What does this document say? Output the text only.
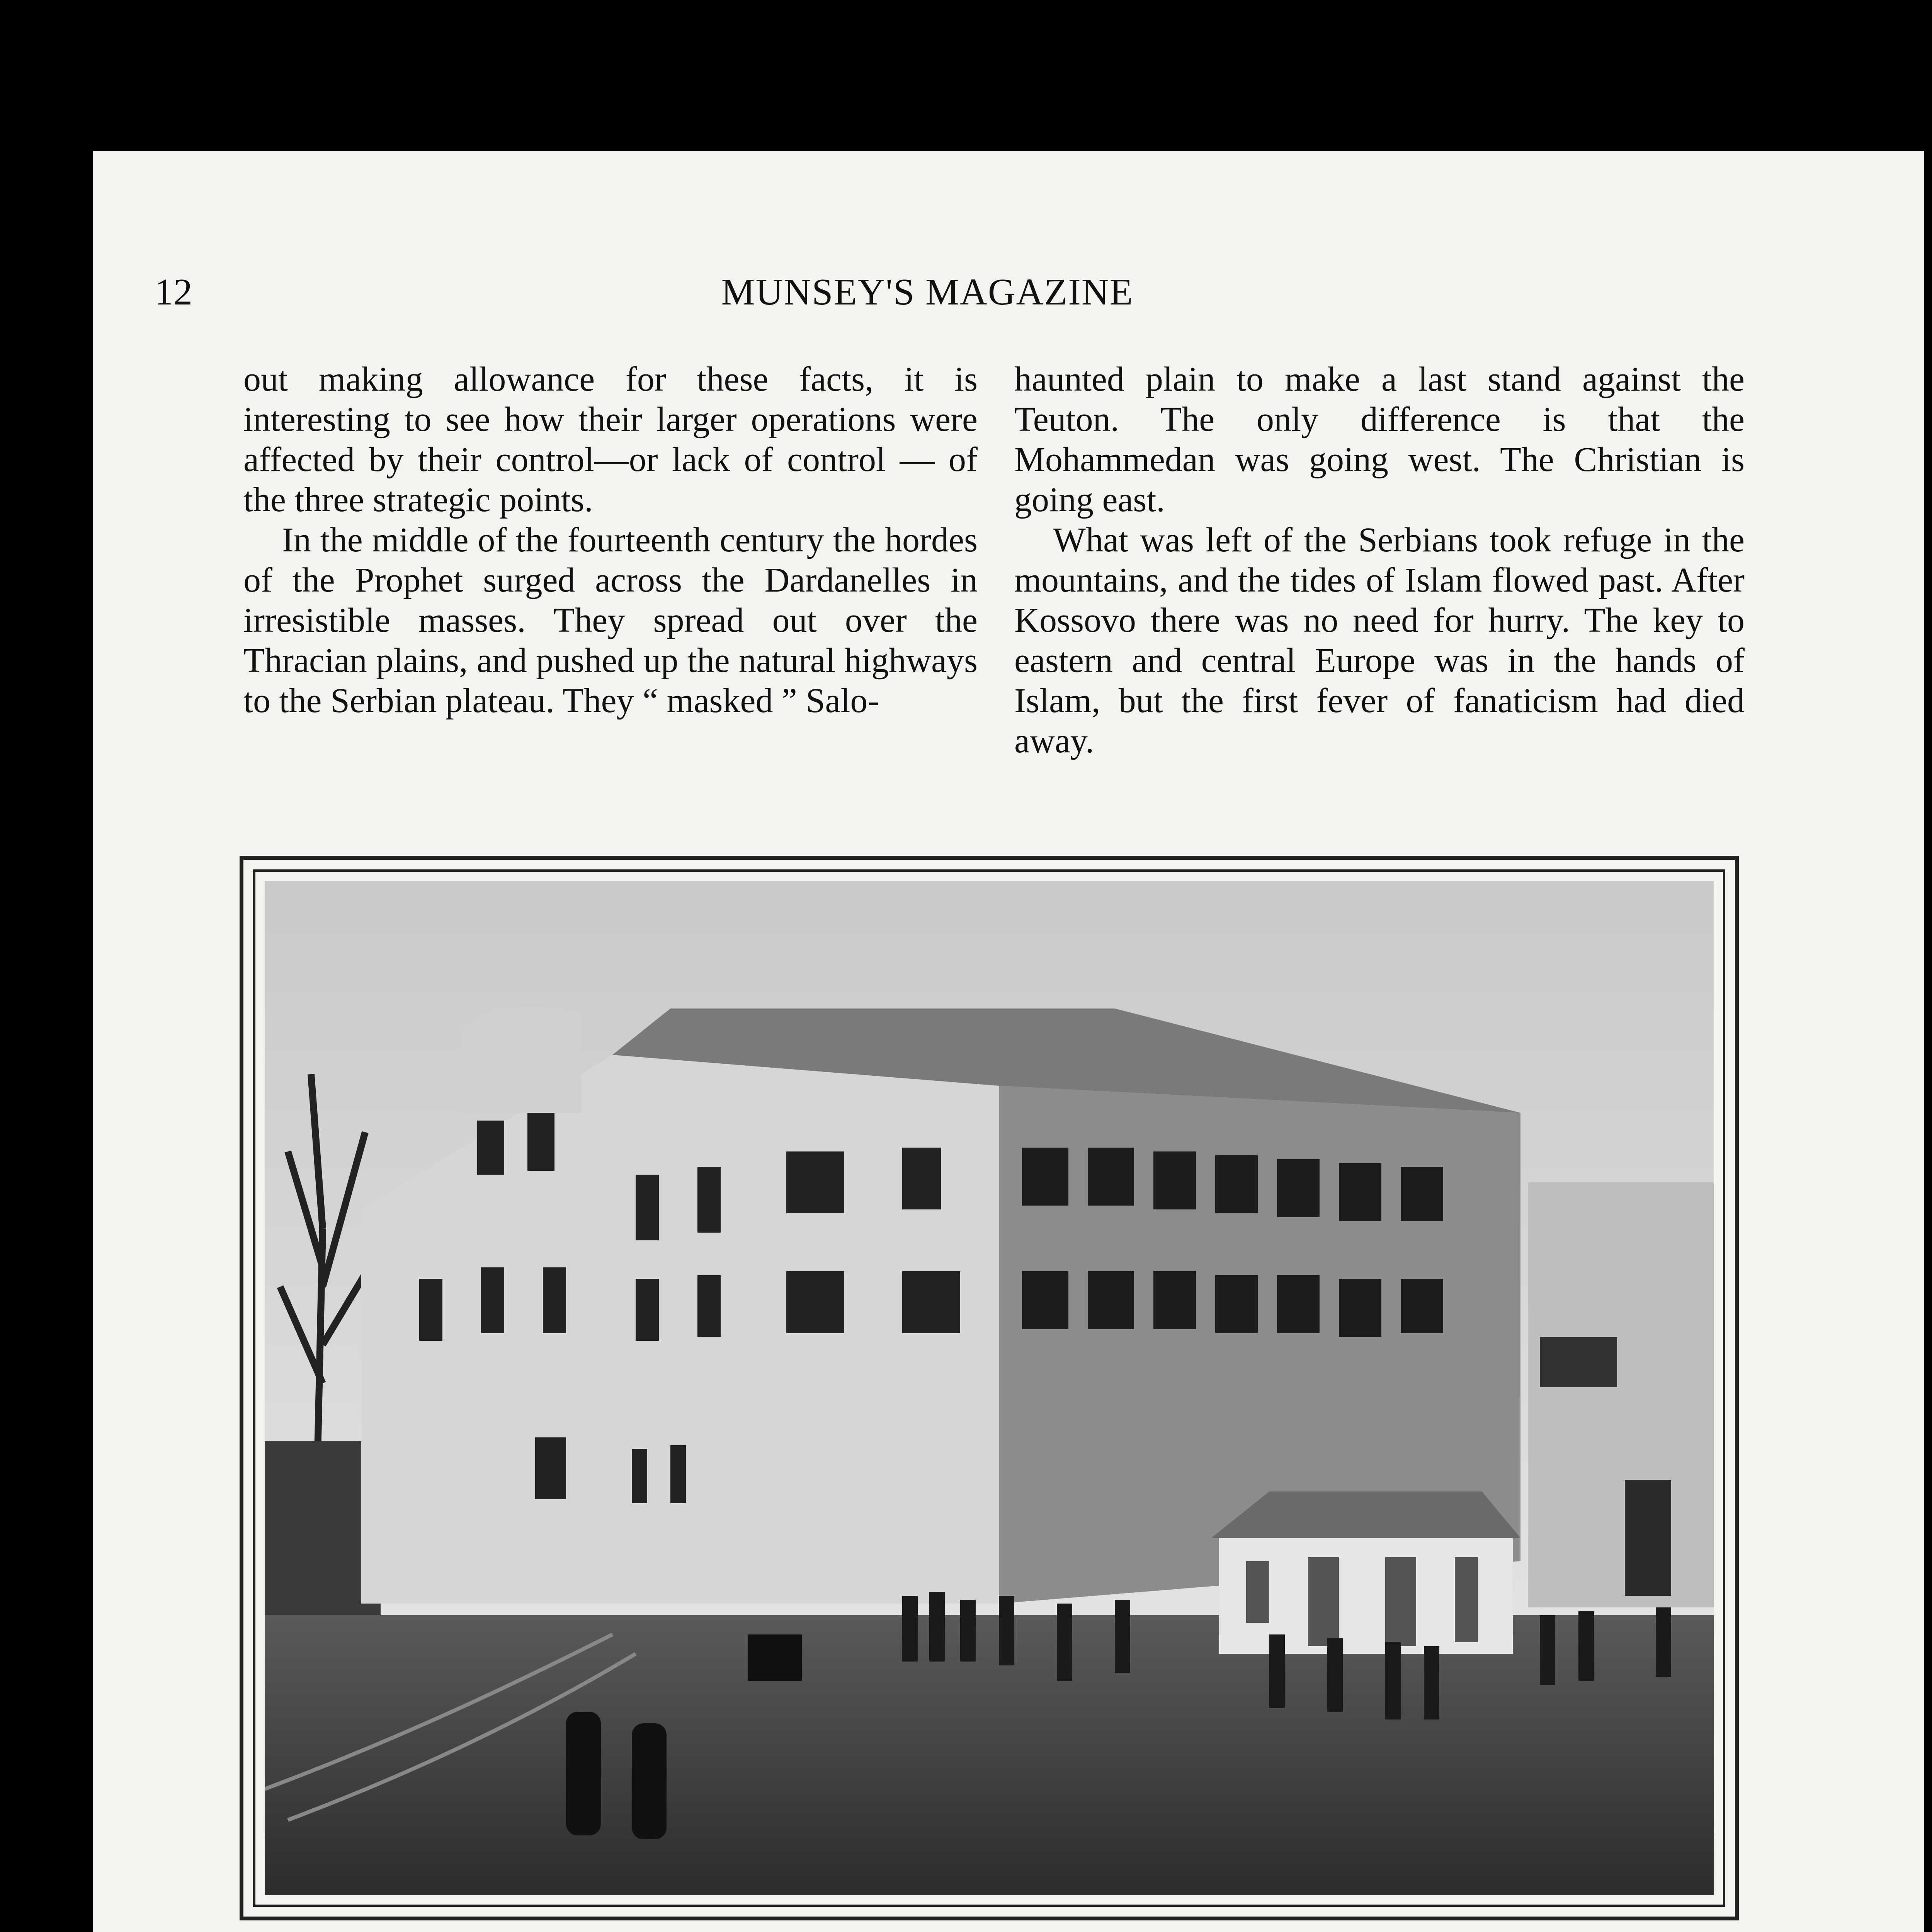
12	MUNSEY'S MAGAZINE

out making allowance for these facts, it is interesting to see how their larger operations were affected by their control—or lack of control — of the three strategic points.

In the middle of the fourteenth century the hordes of the Prophet surged across the Dardanelles in irresistible masses. They spread out over the Thracian plains, and pushed up the natural highways to the Serbian plateau. They “ masked ” Salo-

haunted plain to make a last stand against the Teuton. The only difference is that the Mohammedan was going west. The Christian is going east.

What was left of the Serbians took refuge in the mountains, and the tides of Islam flowed past. After Kossovo there was no need for hurry. The key to eastern and central Europe was in the hands of Islam, but the first fever of fanaticism had died away.
